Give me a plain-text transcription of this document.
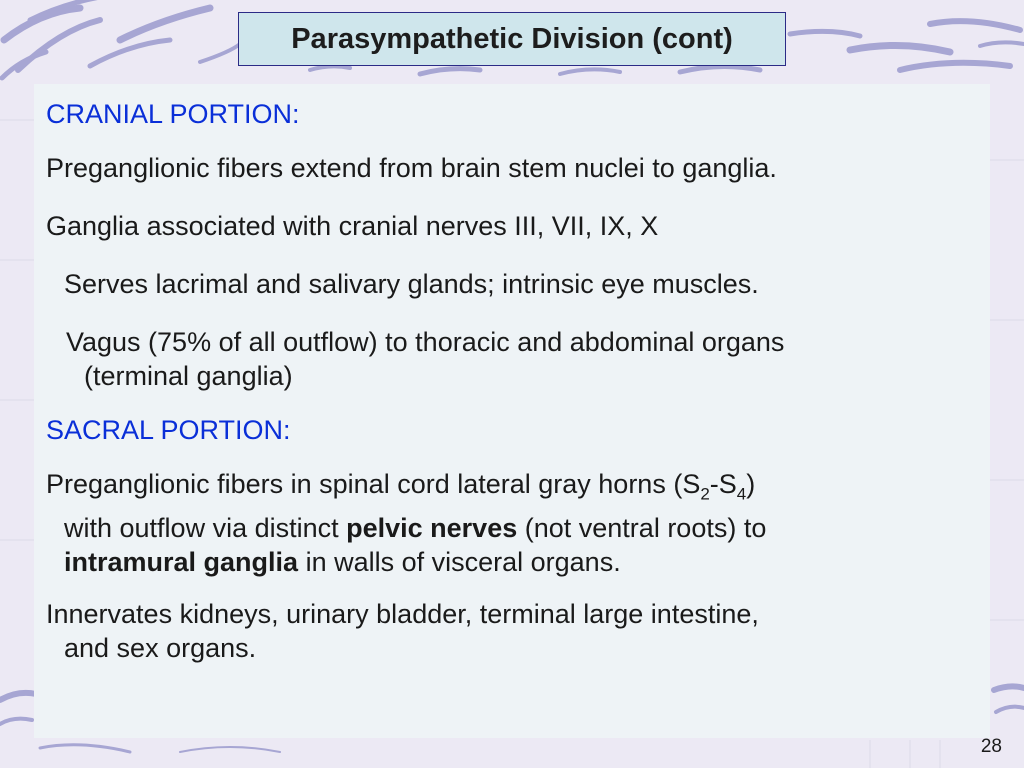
Parasympathetic Division (cont)

CRANIAL PORTION:

Preganglionic fibers extend from brain stem nuclei to ganglia.

Ganglia associated with cranial nerves III, VII, IX, X

Serves lacrimal and salivary glands; intrinsic eye muscles.

Vagus (75% of all outflow) to thoracic and abdominal organs
(terminal ganglia)

SACRAL PORTION:

Preganglionic fibers in spinal cord lateral gray horns $(S_2-S_4)$
with outflow via distinct pelvic nerves (not ventral roots) to
intramural ganglia in walls of visceral organs.
Innervates kidneys, urinary bladder, terminal large intestine,
and sex organs.
28
